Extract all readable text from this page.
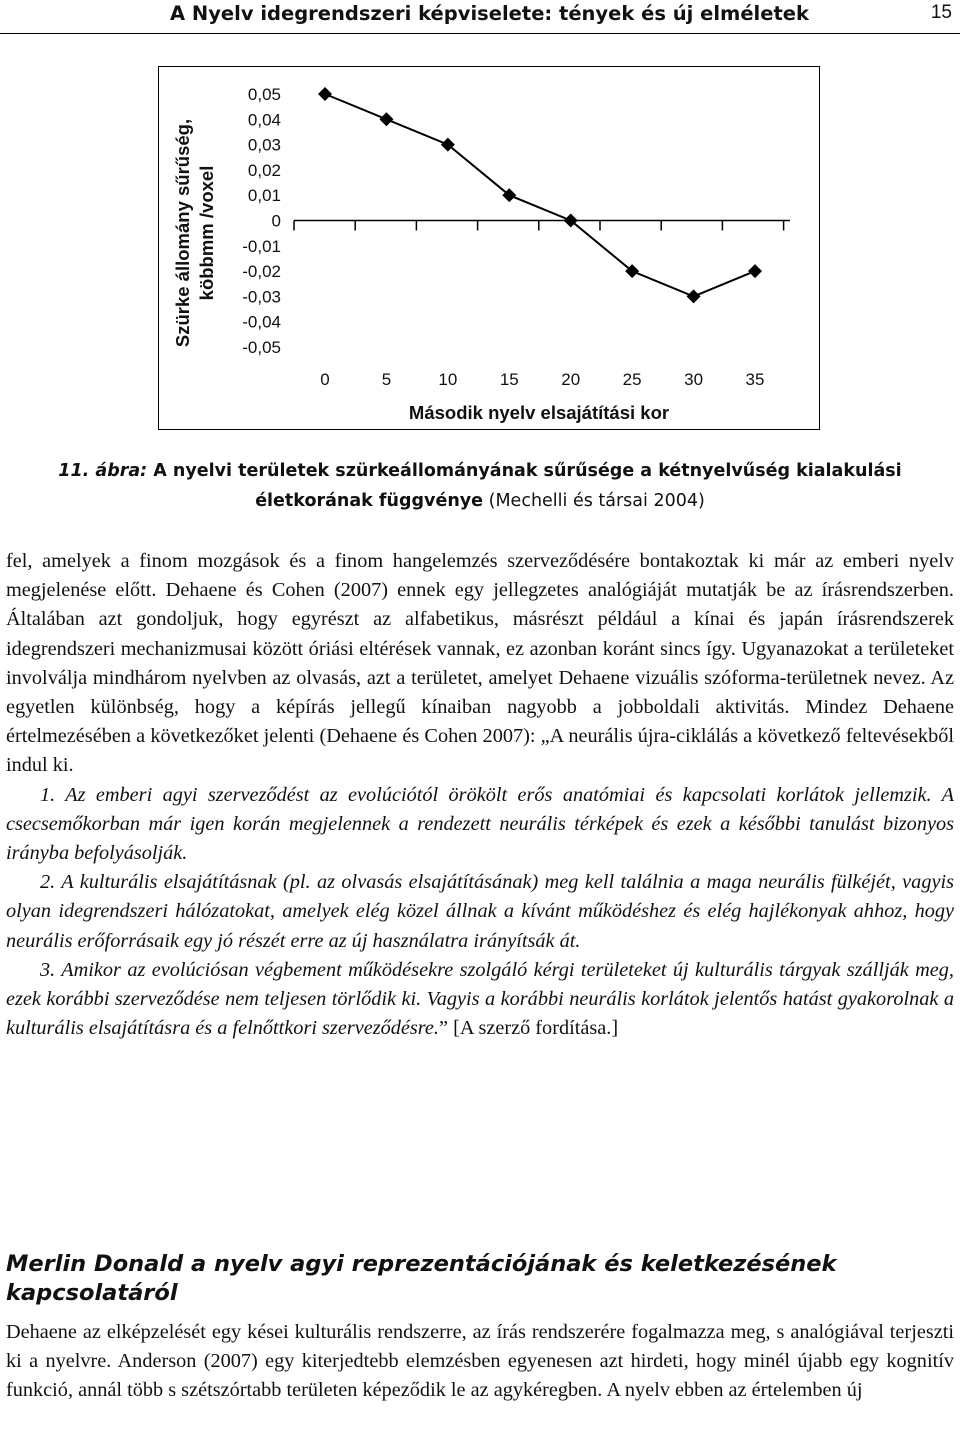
A Nyelv idegrendszeri képviselete: tények és új elméletek	15
Szürke állomány sűrűség, köbbmm /voxel
0,05
0,04
0,03
0,02
0,01
0
-0,01
-0,02
-0,03
-0,04
-0,05
0	5	10	15	20	25	30	35
Második nyelv elsajátítási kor
11. ábra: A nyelvi területek szürkeállományának sűrűsége a kétnyelvűség kialakulási
életkorának függvénye (Mechelli és társai 2004)

fel, amelyek a finom mozgások és a finom hangelemzés szerveződésére bontakoztak ki már az emberi nyelv megjelenése előtt. Dehaene és Cohen (2007) ennek egy jellegzetes analógiáját mutatják be az írásrendszerben. Általában azt gondoljuk, hogy egyrészt az alfabetikus, másrészt például a kínai és japán írásrendszerek idegrendszeri mechanizmusai között óriási eltérések vannak, ez azonban koránt sincs így. Ugyanazokat a területeket involválja mindhárom nyelvben az olvasás, azt a területet, amelyet Dehaene vizuális szóforma-területnek nevez. Az egyetlen különbség, hogy a képírás jellegű kínaiban nagyobb a jobboldali aktivitás. Mindez Dehaene értelmezésében a következőket jelenti (Dehaene és Cohen 2007): „A neurális újra-ciklálás a következő feltevésekből indul ki.

1. Az emberi agyi szerveződést az evolúciótól örökölt erős anatómiai és kapcsolati korlátok jellemzik. A csecsemőkorban már igen korán megjelennek a rendezett neurális térképek és ezek a későbbi tanulást bizonyos irányba befolyásolják.

2. A kulturális elsajátításnak (pl. az olvasás elsajátításának) meg kell találnia a maga neurális fülkéjét, vagyis olyan idegrendszeri hálózatokat, amelyek elég közel állnak a kívánt működéshez és elég hajlékonyak ahhoz, hogy neurális erőforrásaik egy jó részét erre az új használatra irányítsák át.

3. Amikor az evolúciósan végbement működésekre szolgáló kérgi területeket új kulturális tárgyak szállják meg, ezek korábbi szerveződése nem teljesen törlődik ki. Vagyis a korábbi neurális korlátok jelentős hatást gyakorolnak a kulturális elsajátításra és a felnőttkori szerveződésre.” [A szerző fordítása.]

Merlin Donald a nyelv agyi reprezentációjának és keletkezésének kapcsolatáról

Dehaene az elképzelését egy kései kulturális rendszerre, az írás rendszerére fogalmazza meg, s analógiával terjeszti ki a nyelvre. Anderson (2007) egy kiterjedtebb elemzésben egyenesen azt hirdeti, hogy minél újabb egy kognitív funkció, annál több s szétszórtabb területen képeződik le az agykéregben. A nyelv ebben az értelemben új
